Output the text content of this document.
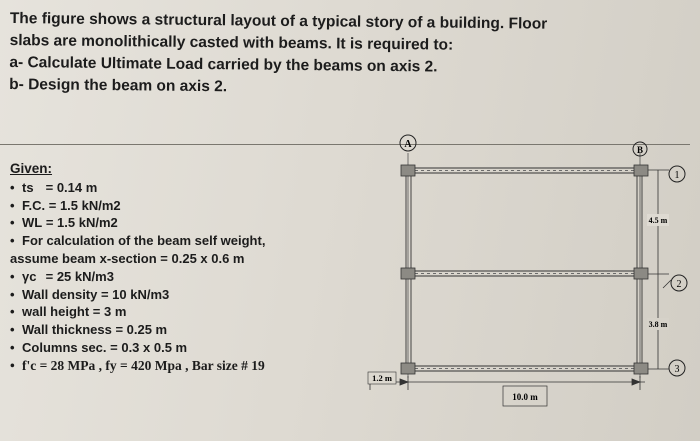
The figure shows a structural layout of a typical story of a building. Floor
slabs are monolithically casted with beams. It is required to:
a- Calculate Ultimate Load carried by the beams on axis 2.
b- Design the beam on axis 2.
Given:
• ts = 0.14 m
• F.C. = 1.5 kN/m2
• WL = 1.5 kN/m2
• For calculation of the beam self weight,
assume beam x-section = 0.25 x 0.6 m
• γc = 25 kN/m3
• Wall density = 10 kN/m3
• wall height = 3 m
• Wall thickness = 0.25 m
• Columns sec. = 0.3 x 0.5 m
• f'c = 28 MPa , fy = 420 Mpa , Bar size # 19
A	B
1
2
3
4.5 m
3.8 m
1.2 m
10.0 m
